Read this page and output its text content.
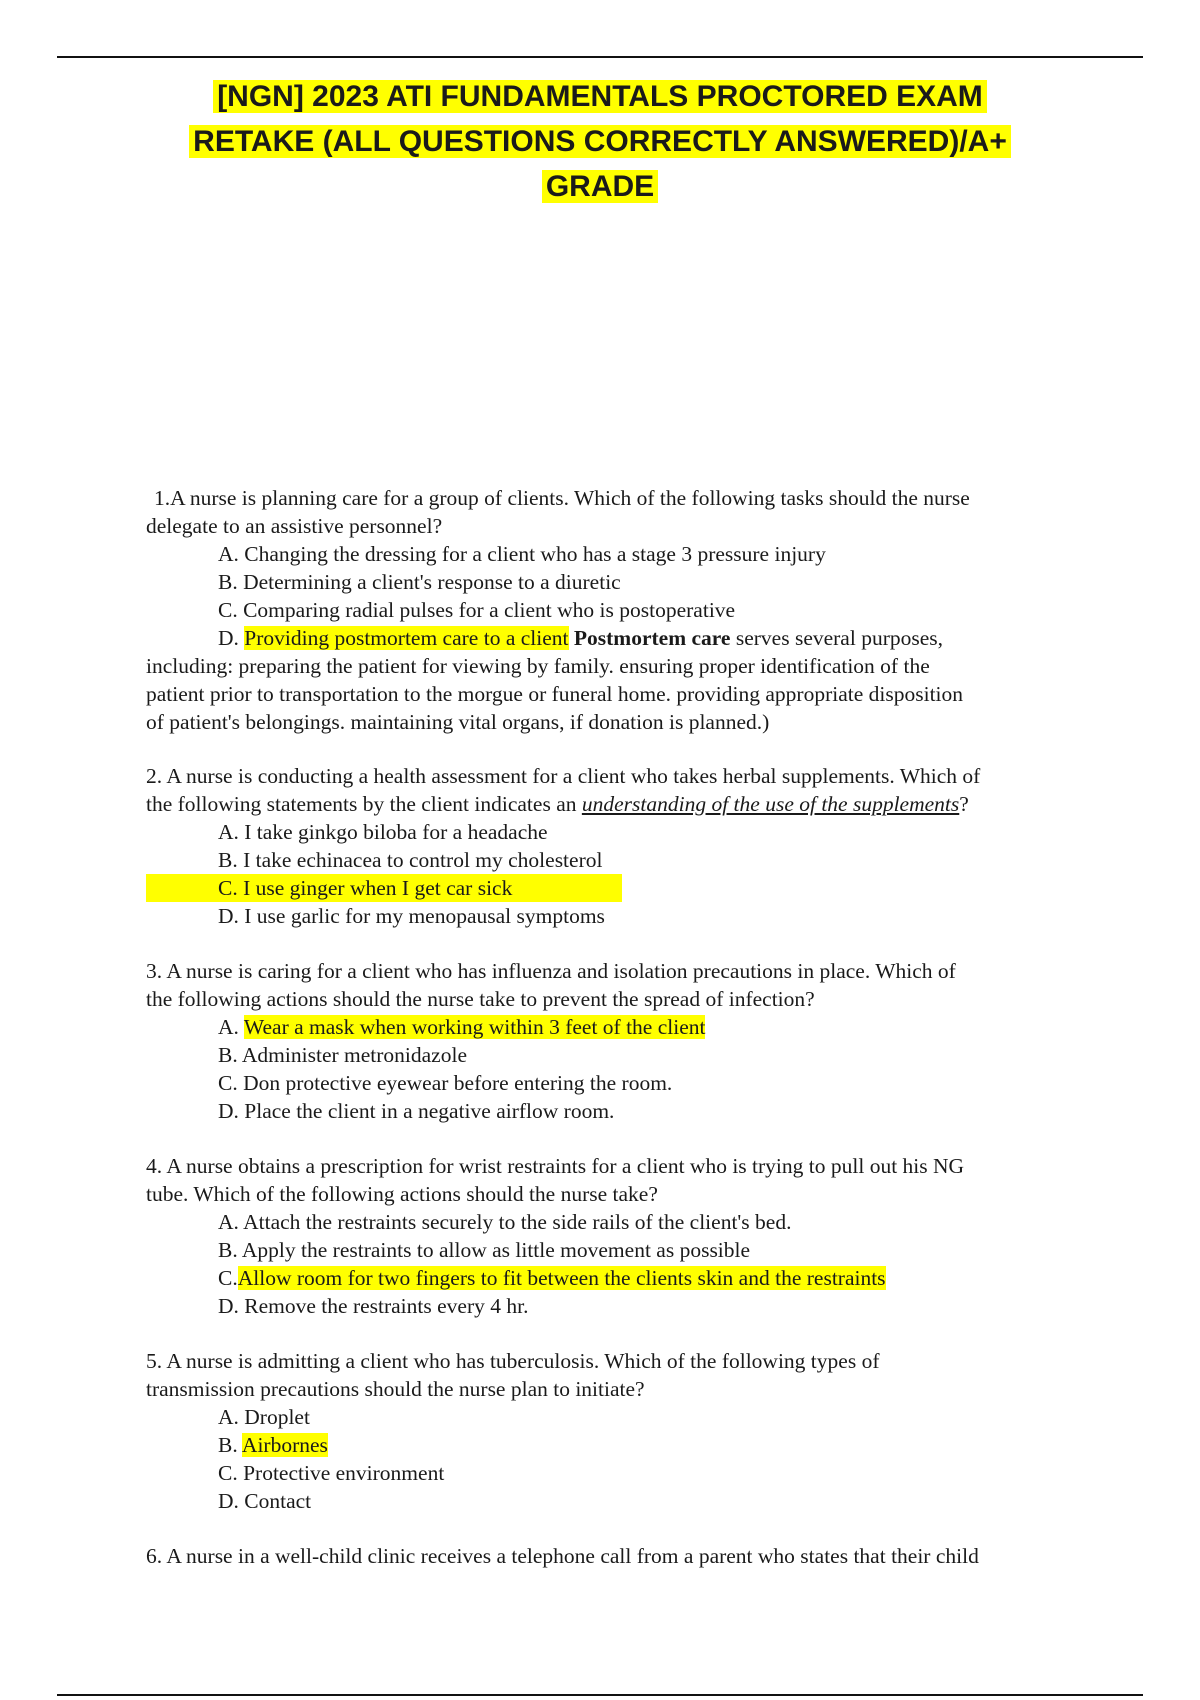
[NGN] 2023 ATI FUNDAMENTALS PROCTORED EXAM
RETAKE (ALL QUESTIONS CORRECTLY ANSWERED)/A+
GRADE

1.A nurse is planning care for a group of clients. Which of the following tasks should the nurse

delegate to an assistive personnel?

A. Changing the dressing for a client who has a stage 3 pressure injury

B. Determining a client's response to a diuretic

C. Comparing radial pulses for a client who is postoperative

D. Providing postmortem care to a client Postmortem care serves several purposes,

including: preparing the patient for viewing by family. ensuring proper identification of the

patient prior to transportation to the morgue or funeral home. providing appropriate disposition

of patient's belongings. maintaining vital organs, if donation is planned.)

2. A nurse is conducting a health assessment for a client who takes herbal supplements. Which of

the following statements by the client indicates an understanding of the use of the supplements?

A. I take ginkgo biloba for a headache

B. I take echinacea to control my cholesterol

C. I use ginger when I get car sick

D. I use garlic for my menopausal symptoms

3. A nurse is caring for a client who has influenza and isolation precautions in place. Which of

the following actions should the nurse take to prevent the spread of infection?

A. Wear a mask when working within 3 feet of the client

B. Administer metronidazole

C. Don protective eyewear before entering the room.

D. Place the client in a negative airflow room.

4. A nurse obtains a prescription for wrist restraints for a client who is trying to pull out his NG

tube. Which of the following actions should the nurse take?

A. Attach the restraints securely to the side rails of the client's bed.

B. Apply the restraints to allow as little movement as possible

C.Allow room for two fingers to fit between the clients skin and the restraints

D. Remove the restraints every 4 hr.

5. A nurse is admitting a client who has tuberculosis. Which of the following types of

transmission precautions should the nurse plan to initiate?

A. Droplet

B. Airbornes

C. Protective environment

D. Contact

6. A nurse in a well-child clinic receives a telephone call from a parent who states that their child
